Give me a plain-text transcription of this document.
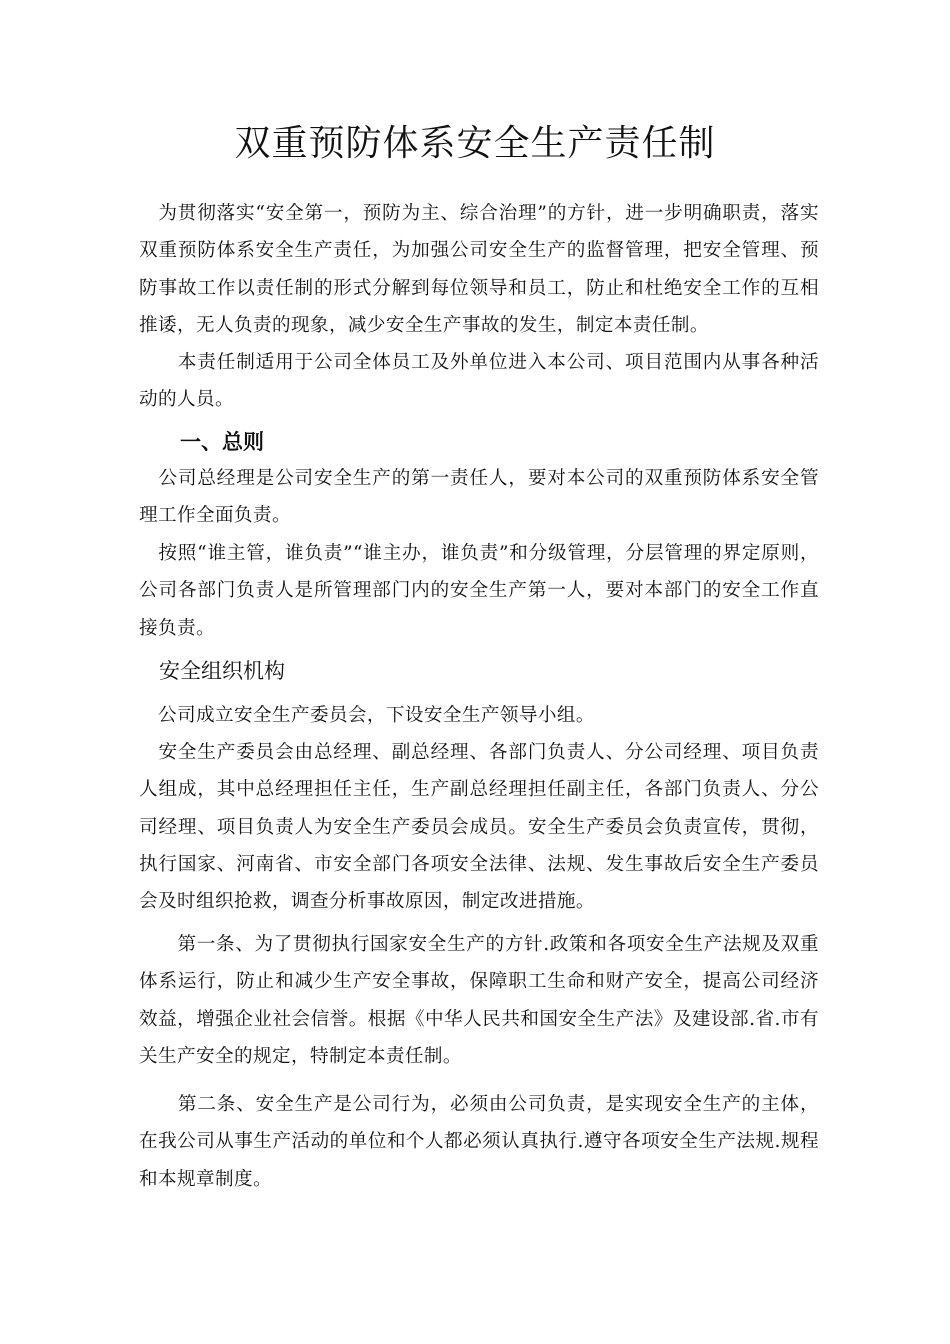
双重预防体系安全生产责任制

　为贯彻落实“安全第一，预防为主、综合治理”的方针，进一步明确职责，落实双重预防体系安全生产责任，为加强公司安全生产的监督管理，把安全管理、预防事故工作以责任制的形式分解到每位领导和员工，防止和杜绝安全工作的互相推诿，无人负责的现象，减少安全生产事故的发生，制定本责任制。

　　本责任制适用于公司全体员工及外单位进入本公司、项目范围内从事各种活动的人员。

一、总则

　公司总经理是公司安全生产的第一责任人，要对本公司的双重预防体系安全管理工作全面负责。

　按照“谁主管，谁负责”“谁主办，谁负责”和分级管理，分层管理的界定原则，公司各部门负责人是所管理部门内的安全生产第一人，要对本部门的安全工作直接负责。

安全组织机构

　公司成立安全生产委员会，下设安全生产领导小组。

　安全生产委员会由总经理、副总经理、各部门负责人、分公司经理、项目负责人组成，其中总经理担任主任，生产副总经理担任副主任，各部门负责人、分公司经理、项目负责人为安全生产委员会成员。安全生产委员会负责宣传，贯彻，执行国家、河南省、市安全部门各项安全法律、法规、发生事故后安全生产委员会及时组织抢救，调查分析事故原因，制定改进措施。

　　第一条、为了贯彻执行国家安全生产的方针.政策和各项安全生产法规及双重体系运行，防止和减少生产安全事故，保障职工生命和财产安全，提高公司经济效益，增强企业社会信誉。根据《中华人民共和国安全生产法》及建设部.省.市有关生产安全的规定，特制定本责任制。

　　第二条、安全生产是公司行为，必须由公司负责，是实现安全生产的主体，在我公司从事生产活动的单位和个人都必须认真执行.遵守各项安全生产法规.规程和本规章制度。
